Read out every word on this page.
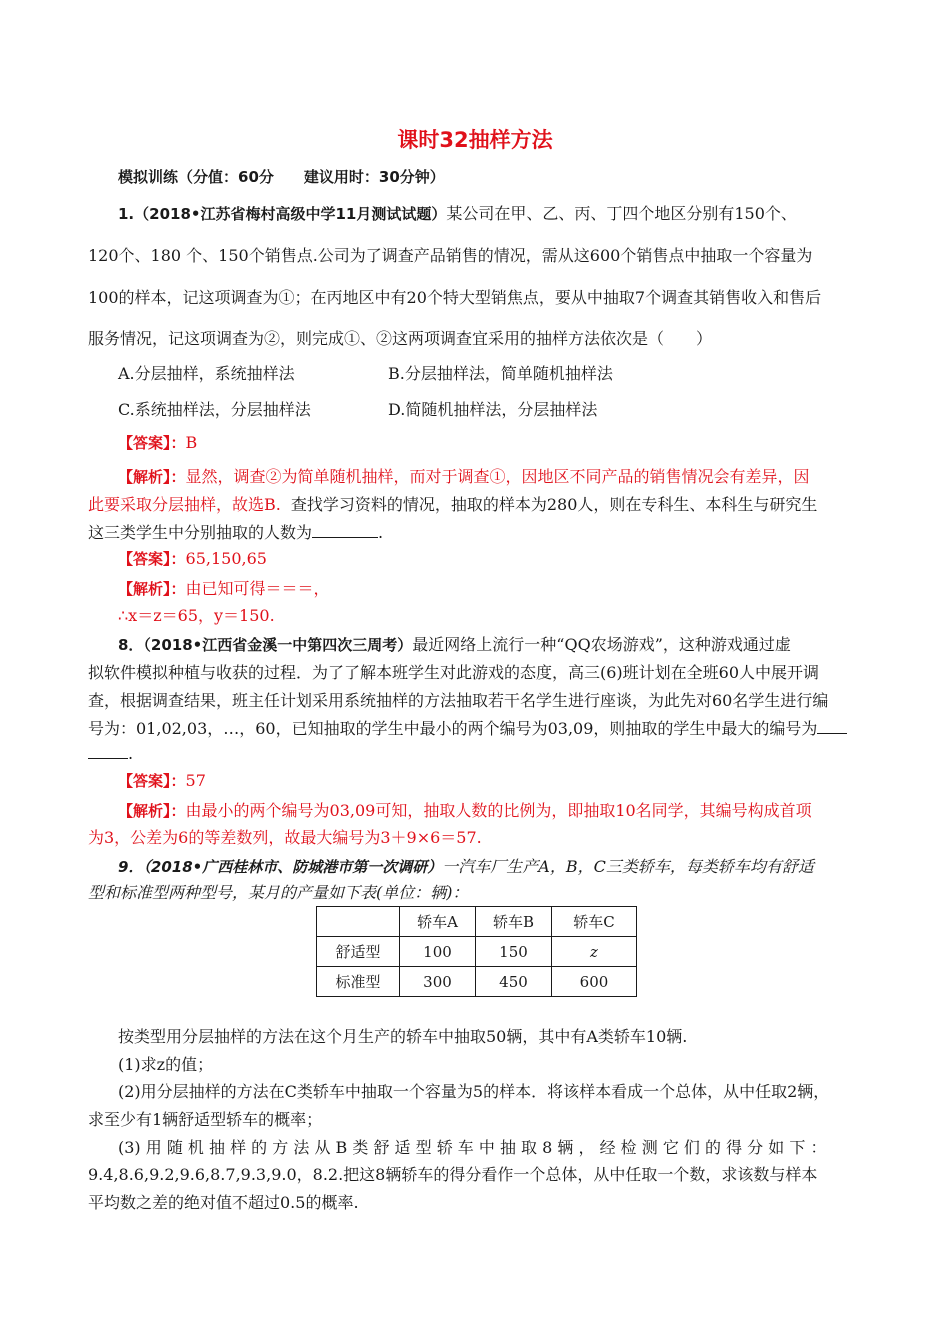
课时32抽样方法
模拟训练（分值：60分　　建议用时：30分钟）
1.（2018•江苏省梅村高级中学11月测试试题）某公司在甲、乙、丙、丁四个地区分别有150个、
120个、180 个、150个销售点.公司为了调查产品销售的情况，需从这600个销售点中抽取一个容量为
100的样本，记这项调查为①；在丙地区中有20个特大型销焦点，要从中抽取7个调查其销售收入和售后
服务情况，记这项调查为②，则完成①、②这两项调查宜采用的抽样方法依次是（　　）
A.分层抽样，系统抽样法	B.分层抽样法，简单随机抽样法
C.系统抽样法，分层抽样法	D.简随机抽样法，分层抽样法
【答案】：B
【解析】：显然，调查②为简单随机抽样，而对于调查①，因地区不同产品的销售情况会有差异，因
此要采取分层抽样，故选B. 查找学习资料的情况，抽取的样本为280人，则在专科生、本科生与研究生
这三类学生中分别抽取的人数为	.
【答案】：65,150,65
【解析】：由已知可得＝＝＝，
∴x＝z＝65，y＝150.
8．（2018•江西省金溪一中第四次三周考）最近网络上流行一种“QQ农场游戏”，这种游戏通过虚
拟软件模拟种植与收获的过程．为了了解本班学生对此游戏的态度，高三(6)班计划在全班60人中展开调
查，根据调查结果，班主任计划采用系统抽样的方法抽取若干名学生进行座谈，为此先对60名学生进行编
号为：01,02,03，…，60，已知抽取的学生中最小的两个编号为03,09，则抽取的学生中最大的编号为
.
【答案】：57
【解析】：由最小的两个编号为03,09可知，抽取人数的比例为，即抽取10名同学，其编号构成首项
为3，公差为6的等差数列，故最大编号为3＋9×6＝57.
9．（2018•广西桂林市、防城港市第一次调研）一汽车厂生产A，B，C三类轿车，每类轿车均有舒适
型和标准型两种型号，某月的产量如下表(单位：辆)：
	轿车A	轿车B	轿车C
舒适型	100	150	z
标准型	300	450	600
按类型用分层抽样的方法在这个月生产的轿车中抽取50辆，其中有A类轿车10辆.
(1)求z的值；
(2)用分层抽样的方法在C类轿车中抽取一个容量为5的样本．将该样本看成一个总体，从中任取2辆，
求至少有1辆舒适型轿车的概率；
(3) 用 随 机 抽 样 的 方 法 从 B 类 舒 适 型 轿 车 中 抽 取 8 辆 ， 经 检 测 它 们 的 得 分 如 下 ：
9.4,8.6,9.2,9.6,8.7,9.3,9.0，8.2.把这8辆轿车的得分看作一个总体，从中任取一个数，求该数与样本
平均数之差的绝对值不超过0.5的概率.
